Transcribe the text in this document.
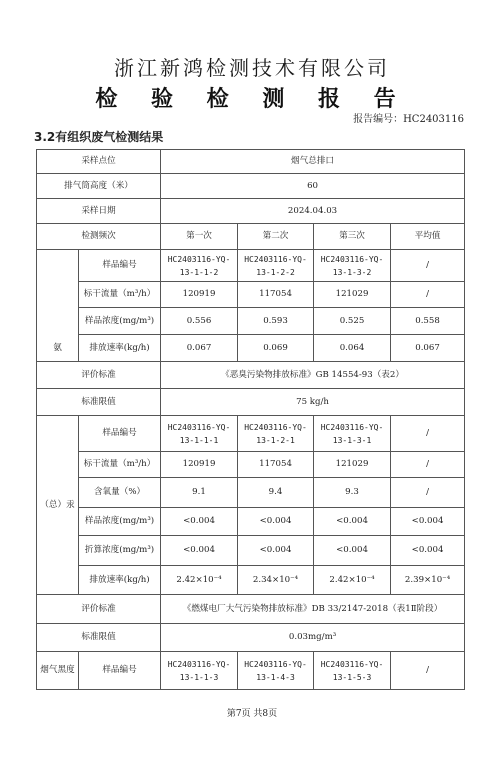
浙江新鸿检测技术有限公司
检 验 检 测 报 告
报告编号：HC2403116
3.2有组织废气检测结果
采样点位		烟气总排口			
排气筒高度（米）		60			
采样日期		2024.04.03			
检测频次		第一次	第二次	第三次	平均值
氨	样品编号	HC2403116-YQ-13-1-1-2	HC2403116-YQ-13-1-2-2	HC2403116-YQ-13-1-3-2	/
	标干流量（m³/h）	120919	117054	121029	/
	样品浓度(mg/m³)	0.556	0.593	0.525	0.558
	排放速率(kg/h)	0.067	0.069	0.064	0.067
评价标准		《恶臭污染物排放标准》GB 14554-93（表2）			
标准限值		75 kg/h			
（总）汞	样品编号	HC2403116-YQ-13-1-1-1	HC2403116-YQ-13-1-2-1	HC2403116-YQ-13-1-3-1	/
	标干流量（m³/h）	120919	117054	121029	/
	含氧量（%）	9.1	9.4	9.3	/
	样品浓度(mg/m³)	<0.004	<0.004	<0.004	<0.004
	折算浓度(mg/m³)	<0.004	<0.004	<0.004	<0.004
	排放速率(kg/h)	2.42×10⁻⁴	2.34×10⁻⁴	2.42×10⁻⁴	2.39×10⁻⁴
评价标准		《燃煤电厂大气污染物排放标准》DB 33/2147-2018（表1Ⅱ阶段）			
标准限值		0.03mg/m³			
烟气黑度	样品编号	HC2403116-YQ-13-1-1-3	HC2403116-YQ-13-1-4-3	HC2403116-YQ-13-1-5-3	/
第7页 共8页
